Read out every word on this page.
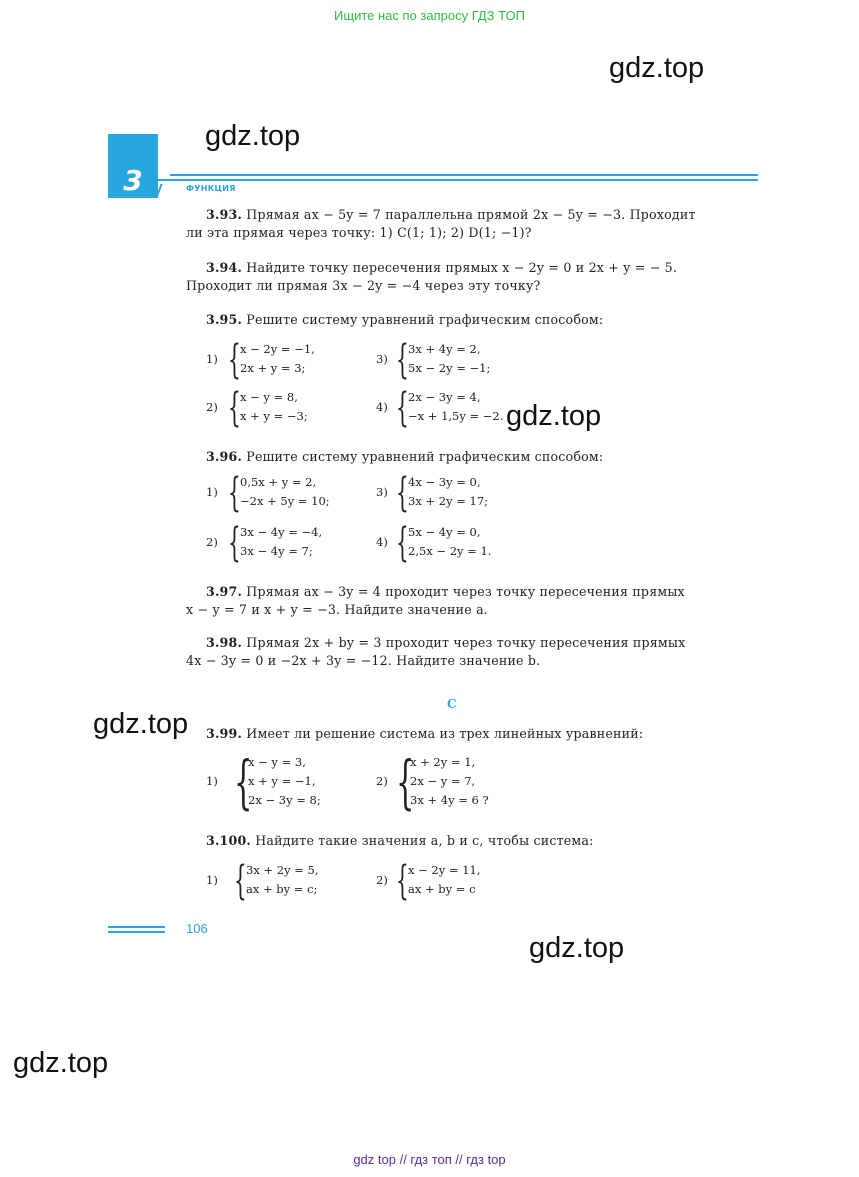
Ищите нас по запросу ГДЗ ТОП
gdz.top
gdz.top
gdz.top
gdz.top
gdz.top
gdz.top
3	ФУНКЦИЯ
3.93. Прямая ax − 5y = 7 параллельна прямой 2x − 5y = −3. Проходит
ли эта прямая через точку: 1) C(1; 1); 2) D(1; −1)?
3.94. Найдите точку пересечения прямых x − 2y = 0 и 2x + y = − 5.
Проходит ли прямая 3x − 2y = −4 через эту точку?
3.95. Решите систему уравнений графическим способом:
1) { x − 2y = −1,
2x + y = 3;
3) { 3x + 4y = 2,
5x − 2y = −1;
2) { x − y = 8,
x + y = −3;
4) { 2x − 3y = 4,
−x + 1,5y = −2.
3.96. Решите систему уравнений графическим способом:
1) { 0,5x + y = 2,
−2x + 5y = 10;
3) { 4x − 3y = 0,
3x + 2y = 17;
2) { 3x − 4y = −4,
3x − 4y = 7;
4) { 5x − 4y = 0,
2,5x − 2y = 1.
3.97. Прямая ax − 3y = 4 проходит через точку пересечения прямых
x − y = 7 и x + y = −3. Найдите значение a.
3.98. Прямая 2x + by = 3 проходит через точку пересечения прямых
4x − 3y = 0 и −2x + 3y = −12. Найдите значение b.
C
3.99. Имеет ли решение система из трех линейных уравнений:
1) {
x − y = 3,
x + y = −1,
2x − 3y = 8;
2) {
x + 2y = 1,
2x − y = 7,
3x + 4y = 6 ?
3.100. Найдите такие значения a, b и c, чтобы система:
1) { 3x + 2y = 5,
ax + by = c;
2) { x − 2y = 11,
ax + by = c
106
gdz top // гдз топ // гдз top
